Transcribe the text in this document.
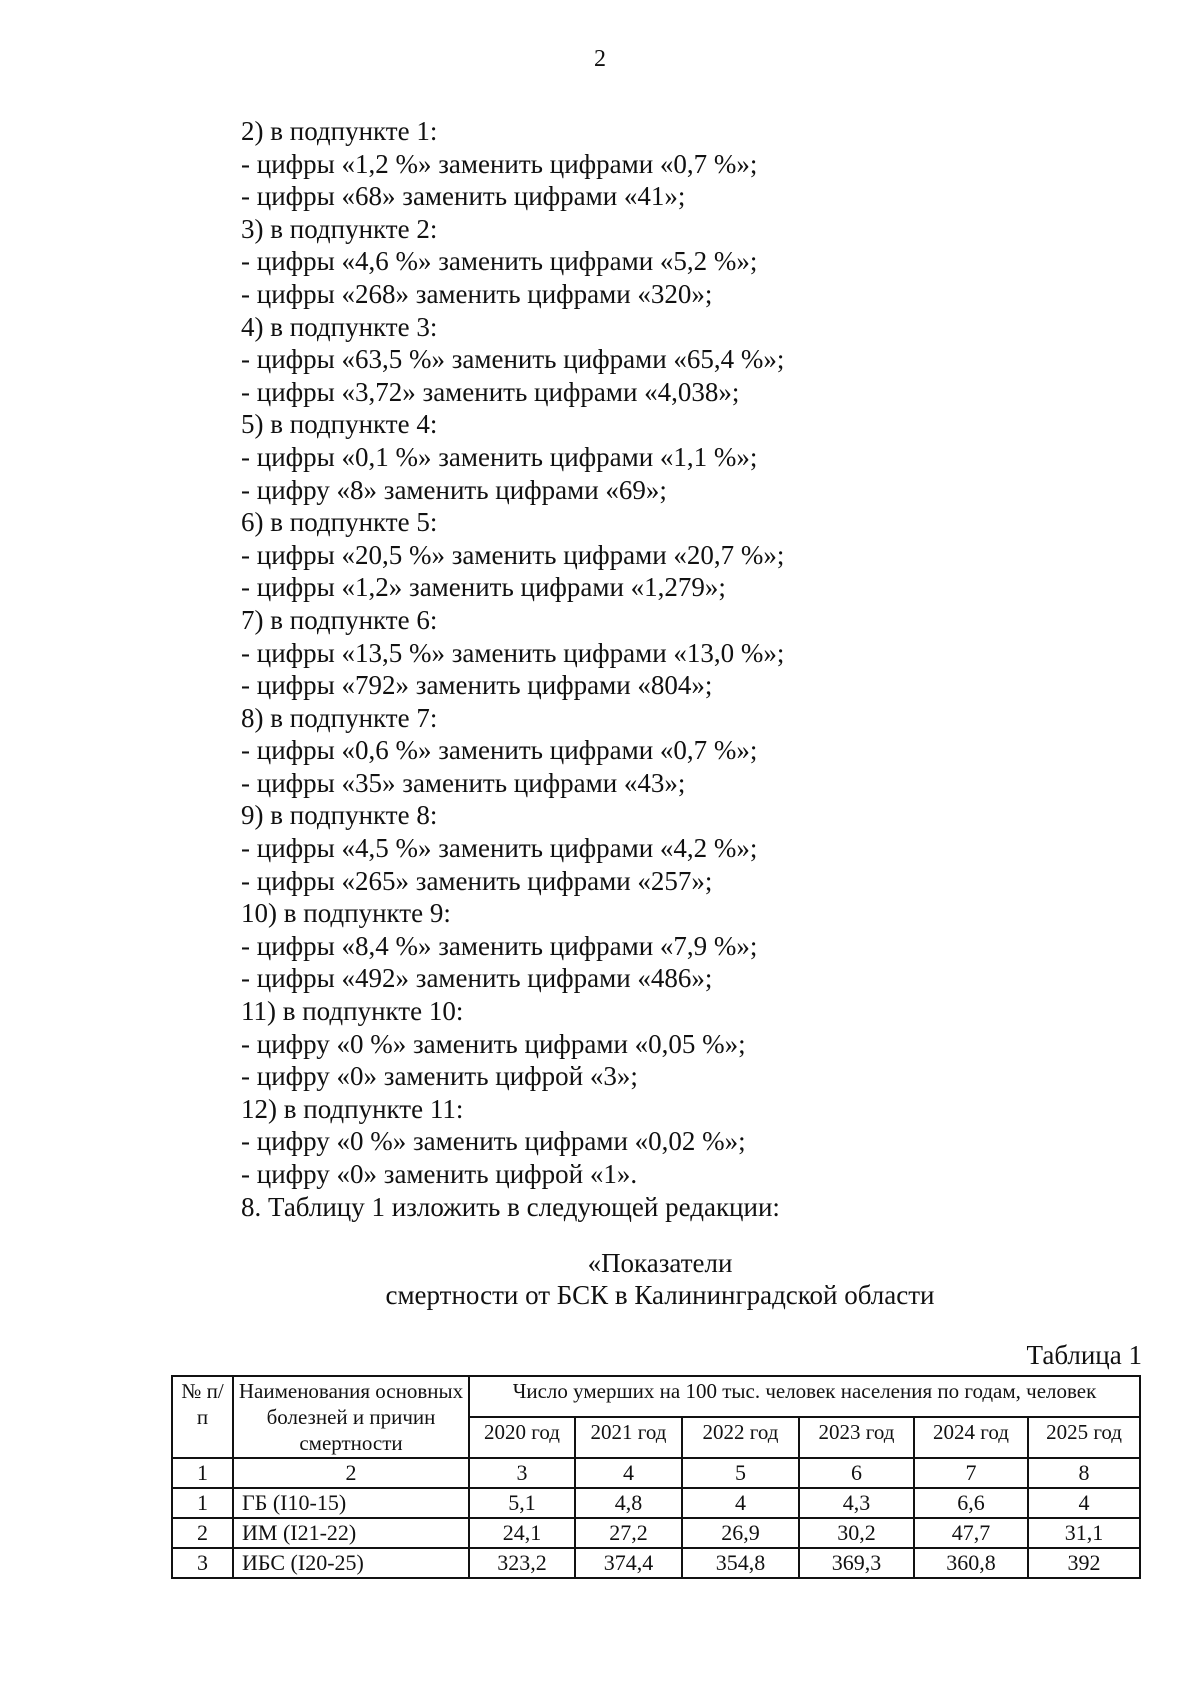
2
2) в подпункте 1:
- цифры «1,2 %» заменить цифрами «0,7 %»;
- цифры «68» заменить цифрами «41»;
3) в подпункте 2:
- цифры «4,6 %» заменить цифрами «5,2 %»;
- цифры «268» заменить цифрами «320»;
4) в подпункте 3:
- цифры «63,5 %» заменить цифрами «65,4 %»;
- цифры «3,72» заменить цифрами «4,038»;
5) в подпункте 4:
- цифры «0,1 %» заменить цифрами «1,1 %»;
- цифру «8» заменить цифрами «69»;
6) в подпункте 5:
- цифры «20,5 %» заменить цифрами «20,7 %»;
- цифры «1,2» заменить цифрами «1,279»;
7) в подпункте 6:
- цифры «13,5 %» заменить цифрами «13,0 %»;
- цифры «792» заменить цифрами «804»;
8) в подпункте 7:
- цифры «0,6 %» заменить цифрами «0,7 %»;
- цифры «35» заменить цифрами «43»;
9) в подпункте 8:
- цифры «4,5 %» заменить цифрами «4,2 %»;
- цифры «265» заменить цифрами «257»;
10) в подпункте 9:
- цифры «8,4 %» заменить цифрами «7,9 %»;
- цифры «492» заменить цифрами «486»;
11) в подпункте 10:
- цифру «0 %» заменить цифрами «0,05 %»;
- цифру «0» заменить цифрой «3»;
12) в подпункте 11:
- цифру «0 %» заменить цифрами «0,02 %»;
- цифру «0» заменить цифрой «1».
8. Таблицу 1 изложить в следующей редакции:
«Показатели
смертности от БСК в Калининградской области
Таблица 1
№ п/п	Наименования основных болезней и причин смертности	Число умерших на 100 тыс. человек населения по годам, человек					
		2020 год	2021 год	2022 год	2023 год	2024 год	2025 год
1	2	3	4	5	6	7	8
1	ГБ (I10-15)	5,1	4,8	4	4,3	6,6	4
2	ИМ (I21-22)	24,1	27,2	26,9	30,2	47,7	31,1
3	ИБС (I20-25)	323,2	374,4	354,8	369,3	360,8	392
